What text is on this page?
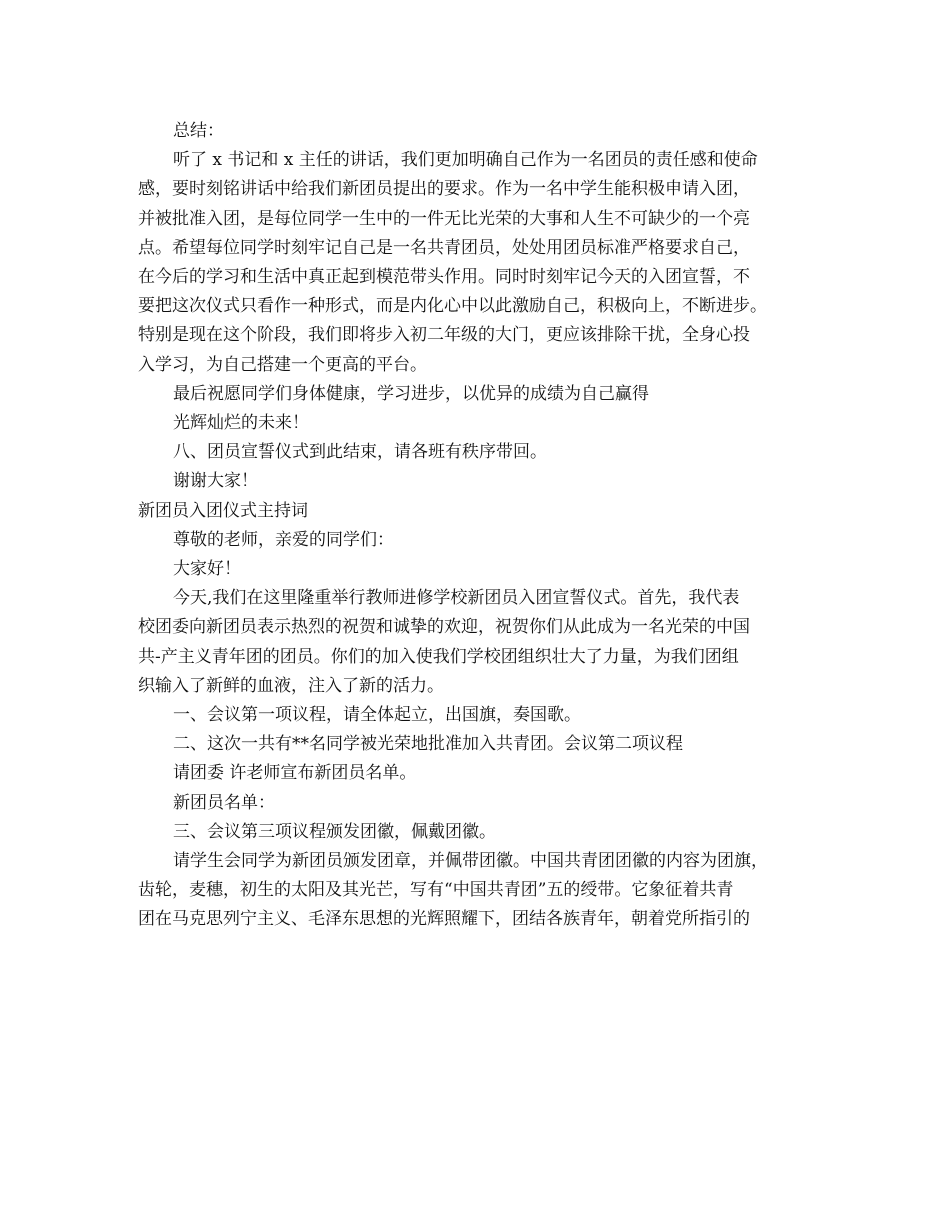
总结：
听了 x 书记和 x 主任的讲话，我们更加明确自己作为一名团员的责任感和使命
感，要时刻铭讲话中给我们新团员提出的要求。作为一名中学生能积极申请入团，
并被批准入团，是每位同学一生中的一件无比光荣的大事和人生不可缺少的一个亮
点。希望每位同学时刻牢记自己是一名共青团员，处处用团员标准严格要求自己，
在今后的学习和生活中真正起到模范带头作用。同时时刻牢记今天的入团宣誓，不
要把这次仪式只看作一种形式，而是内化心中以此激励自己，积极向上，不断进步。
特别是现在这个阶段，我们即将步入初二年级的大门，更应该排除干扰，全身心投
入学习，为自己搭建一个更高的平台。
最后祝愿同学们身体健康，学习进步，以优异的成绩为自己赢得
光辉灿烂的未来！
八、团员宣誓仪式到此结束，请各班有秩序带回。
谢谢大家！
新团员入团仪式主持词
尊敬的老师，亲爱的同学们：
大家好！
今天,我们在这里隆重举行教师进修学校新团员入团宣誓仪式。首先，我代表
校团委向新团员表示热烈的祝贺和诚挚的欢迎，祝贺你们从此成为一名光荣的中国
共-产主义青年团的团员。你们的加入使我们学校团组织壮大了力量，为我们团组
织输入了新鲜的血液，注入了新的活力。
一、会议第一项议程，请全体起立，出国旗，奏国歌。
二、这次一共有**名同学被光荣地批准加入共青团。会议第二项议程
请团委 许老师宣布新团员名单。
新团员名单：
三、会议第三项议程颁发团徽，佩戴团徽。
请学生会同学为新团员颁发团章，并佩带团徽。中国共青团团徽的内容为团旗，
齿轮，麦穗，初生的太阳及其光芒，写有“中国共青团”五的绶带。它象征着共青
团在马克思列宁主义、毛泽东思想的光辉照耀下，团结各族青年，朝着党所指引的
